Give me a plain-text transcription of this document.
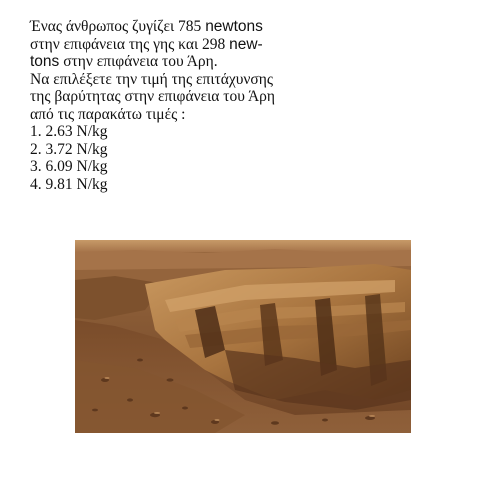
Ένας άνθρωπος ζυγίζει 785 newtons
στην επιφάνεια της γης και 298 new-
tons στην επιφάνεια του Άρη.
Να επιλέξετε την τιμή της επιτάχυνσης
της βαρύτητας στην επιφάνεια του Άρη
από τις παρακάτω τιμές :
1. 2.63 N/kg
2. 3.72 N/kg
3. 6.09 N/kg
4. 9.81 N/kg
